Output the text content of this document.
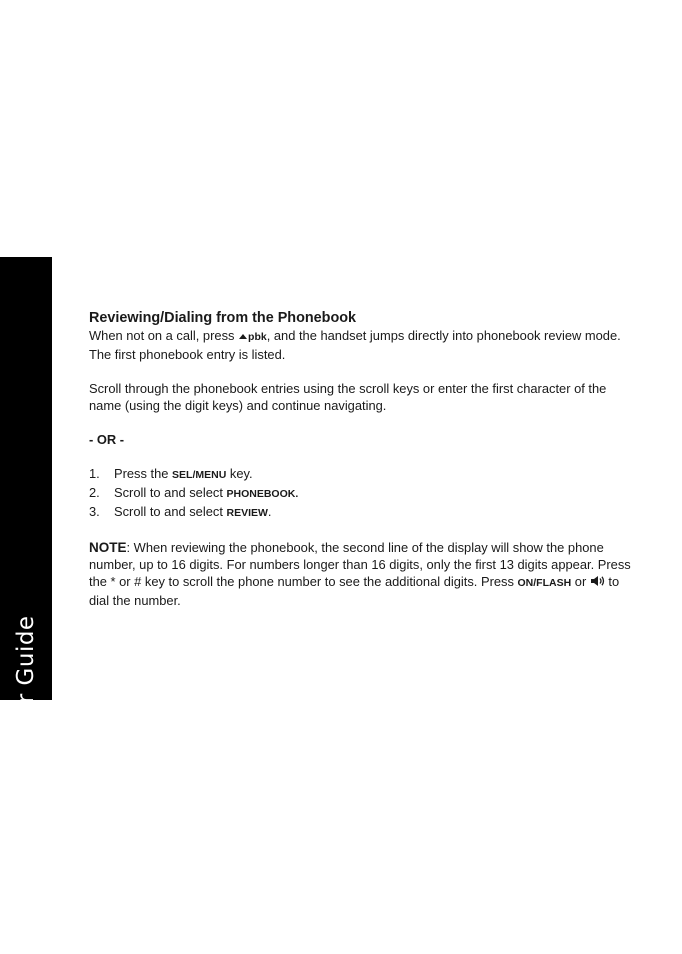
MD7151 User Guide
22
Reviewing/Dialing from the Phonebook

When not on a call, press pbk, and the handset jumps directly into phonebook review mode. The first phonebook entry is listed.

Scroll through the phonebook entries using the scroll keys or enter the first character of the name (using the digit keys) and continue navigating.

- OR -

1.	Press the SEL/MENU key.
2.	Scroll to and select PHONEBOOK.
3.	Scroll to and select REVIEW.

NOTE: When reviewing the phonebook, the second line of the display will show the phone number, up to 16 digits. For numbers longer than 16 digits, only the first 13 digits appear. Press the * or # key to scroll the phone number to see the additional digits. Press ON/FLASH or  to dial the number.
